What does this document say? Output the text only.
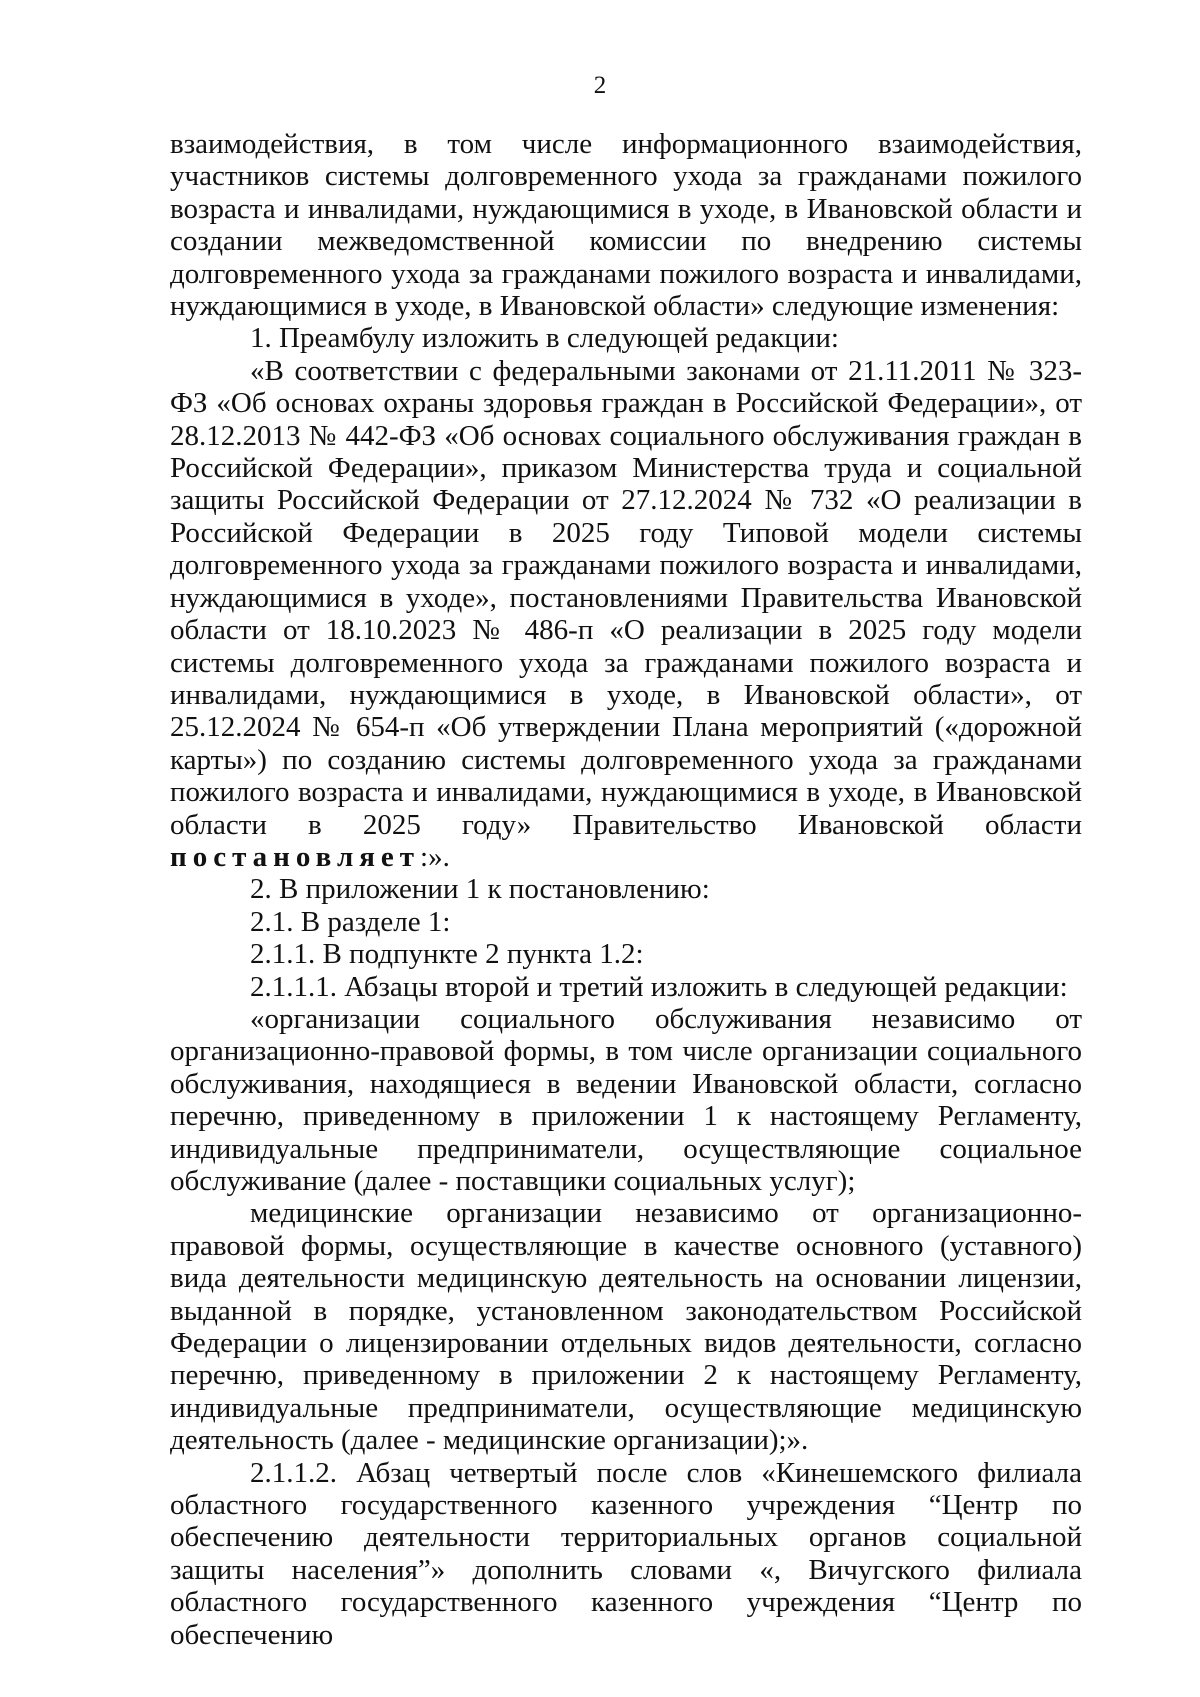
2

взаимодействия, в том числе информационного взаимодействия, участников системы долговременного ухода за гражданами пожилого возраста и инвалидами, нуждающимися в уходе, в Ивановской области и создании межведомственной комиссии по внедрению системы долговременного ухода за гражданами пожилого возраста и инвалидами, нуждающимися в уходе, в Ивановской области» следующие изменения:

1. Преамбулу изложить в следующей редакции:

«В соответствии с федеральными законами от 21.11.2011 № 323-ФЗ «Об основах охраны здоровья граждан в Российской Федерации», от 28.12.2013 № 442-ФЗ «Об основах социального обслуживания граждан в Российской Федерации», приказом Министерства труда и социальной защиты Российской Федерации от 27.12.2024 № 732 «О реализации в Российской Федерации в 2025 году Типовой модели системы долговременного ухода за гражданами пожилого возраста и инвалидами, нуждающимися в уходе», постановлениями Правительства Ивановской области от 18.10.2023 № 486-п «О реализации в 2025 году модели системы долговременного ухода за гражданами пожилого возраста и инвалидами, нуждающимися в уходе, в Ивановской области», от 25.12.2024 № 654-п «Об утверждении Плана мероприятий («дорожной карты») по созданию системы долговременного ухода за гражданами пожилого возраста и инвалидами, нуждающимися в уходе, в Ивановской области в 2025 году» Правительство Ивановской области постановляет:».

2. В приложении 1 к постановлению:

2.1. В разделе 1:

2.1.1. В подпункте 2 пункта 1.2:

2.1.1.1. Абзацы второй и третий изложить в следующей редакции:

«организации социального обслуживания независимо от организационно-правовой формы, в том числе организации социального обслуживания, находящиеся в ведении Ивановской области, согласно перечню, приведенному в приложении 1 к настоящему Регламенту, индивидуальные предприниматели, осуществляющие социальное обслуживание (далее - поставщики социальных услуг);

медицинские организации независимо от организационно-правовой формы, осуществляющие в качестве основного (уставного) вида деятельности медицинскую деятельность на основании лицензии, выданной в порядке, установленном законодательством Российской Федерации о лицензировании отдельных видов деятельности, согласно перечню, приведенному в приложении 2 к настоящему Регламенту, индивидуальные предприниматели, осуществляющие медицинскую деятельность (далее - медицинские организации);».

2.1.1.2. Абзац четвертый после слов «Кинешемского филиала областного государственного казенного учреждения “Центр по обеспечению деятельности территориальных органов социальной защиты населения”» дополнить словами «, Вичугского филиала областного государственного казенного учреждения “Центр по обеспечению
